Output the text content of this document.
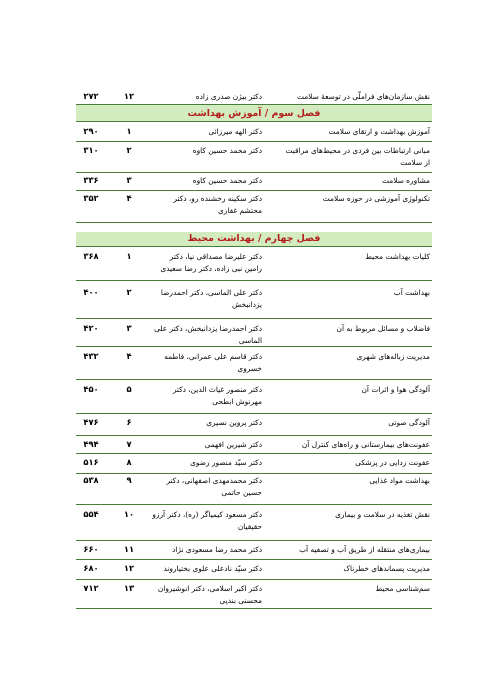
نقش سازمان‌های فراملّی در توسعهٔ سلامت
دکتر بیژن صدری زاده
۱۲
۲۷۲
فصل سوم / آموزش بهداشت
آموزش بهداشت و ارتقای سلامت
دکتر الهه میرزائی
۱
۲۹۰
مبانی ارتباطات بین فردی در محیط‌های مراقبت از سلامت
دکتر محمد حسین کاوه
۲
۳۱۰
مشاوره سلامت
دکتر محمد حسین کاوه
۳
۳۳۶
تکنولوژی آموزشی در حوزه سلامت
دکتر سکینه رخشنده رو، دکتر محتشم غفاری
۴
۳۵۲
فصل چهارم / بهداشت محیط
کلیات بهداشت محیط
دکتر علیرضا مصداقی نیا، دکتر رامین نبی زاده، دکتر رضا سعیدی
۱
۳۶۸
بهداشت آب
دکتر علی الماسی، دکتر احمدرضا یزدانبخش
۲
۴۰۰
فاضلاب و مسائل مربوط به آن
دکتر احمدرضا یزدانبخش، دکتر علی الماسی
۳
۴۲۰
مدیریت زباله‌های شهری
دکتر قاسم علی عمرانی، فاطمه خسروی
۴
۴۳۲
آلودگی هوا و اثرات آن
دکتر منصور غیاث الدین، دکتر مهرنوش ابطحی
۵
۴۵۰
آلودگی صوتی
دکتر پروین نصیری
۶
۴۷۶
عفونت‌های بیمارستانی و راه‌های کنترل آن
دکتر شیرین افهمی
۷
۴۹۴
عفونت زدایی در پزشکی
دکتر سیّد منصور رضوی
۸
۵۱۶
بهداشت مواد غذایی
دکتر محمدمهدی اصفهانی، دکتر حسین حاتمی
۹
۵۳۸
نقش تغذیه در سلامت و بیماری
دکتر مسعود کیمیاگر (ره)، دکتر آرزو حقیقیان
۱۰
۵۵۴
بیماری‌های منتقله از طریق آب و تصفیه آب
دکتر محمد رضا مسعودی نژاد
۱۱
۶۶۰
مدیریت پسماندهای خطرناک
دکتر سیّد نادعلی علوی بختیاروند
۱۲
۶۸۰
سم‌شناسی محیط
دکتر اکبر اسلامی، دکتر انوشیروان محسنی بندپی
۱۳
۷۱۲
